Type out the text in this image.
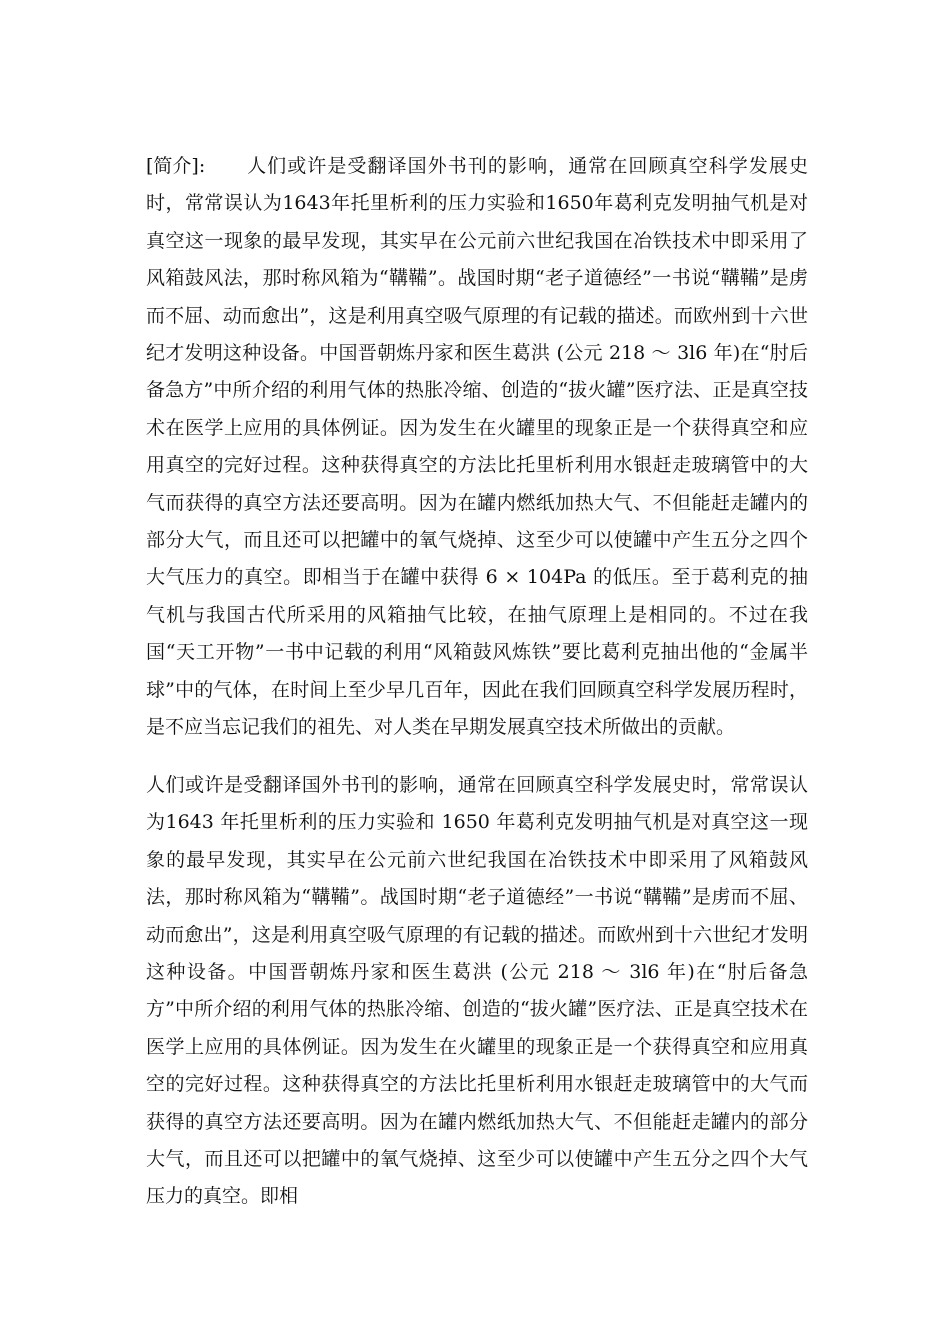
[简介]: 人们或许是受翻译国外书刊的影响，通常在回顾真空科学发展史时，常常误认为1643年托里析利的压力实验和1650年葛利克发明抽气机是对真空这一现象的最早发现，其实早在公元前六世纪我国在冶铁技术中即采用了风箱鼓风法，那时称风箱为“鞲鞴”。战国时期“老子道德经”一书说“鞲鞴”是虏而不屈、动而愈出”，这是利用真空吸气原理的有记载的描述。而欧州到十六世纪才发明这种设备。中国晋朝炼丹家和医生葛洪 (公元 218 ～ 3l6 年)在“肘后备急方”中所介绍的利用气体的热胀冷缩、创造的“拔火罐”医疗法、正是真空技术在医学上应用的具体例证。因为发生在火罐里的现象正是一个获得真空和应用真空的完好过程。这种获得真空的方法比托里析利用水银赶走玻璃管中的大气而获得的真空方法还要高明。因为在罐内燃纸加热大气、不但能赶走罐内的部分大气，而且还可以把罐中的氧气烧掉、这至少可以使罐中产生五分之四个大气压力的真空。即相当于在罐中获得 6 × 104Pa 的低压。至于葛利克的抽气机与我国古代所采用的风箱抽气比较，在抽气原理上是相同的。不过在我国“天工开物”一书中记载的利用“风箱鼓风炼铁”要比葛利克抽出他的“金属半球”中的气体，在时间上至少早几百年，因此在我们回顾真空科学发展历程时，是不应当忘记我们的祖先、对人类在早期发展真空技术所做出的贡献。

人们或许是受翻译国外书刊的影响，通常在回顾真空科学发展史时，常常误认为1643 年托里析利的压力实验和 1650 年葛利克发明抽气机是对真空这一现象的最早发现，其实早在公元前六世纪我国在冶铁技术中即采用了风箱鼓风法，那时称风箱为“鞲鞴”。战国时期“老子道德经”一书说“鞲鞴”是虏而不屈、动而愈出”，这是利用真空吸气原理的有记载的描述。而欧州到十六世纪才发明这种设备。中国晋朝炼丹家和医生葛洪 (公元 218 ～ 3l6 年)在“肘后备急方”中所介绍的利用气体的热胀冷缩、创造的“拔火罐”医疗法、正是真空技术在医学上应用的具体例证。因为发生在火罐里的现象正是一个获得真空和应用真空的完好过程。这种获得真空的方法比托里析利用水银赶走玻璃管中的大气而获得的真空方法还要高明。因为在罐内燃纸加热大气、不但能赶走罐内的部分大气，而且还可以把罐中的氧气烧掉、这至少可以使罐中产生五分之四个大气压力的真空。即相
